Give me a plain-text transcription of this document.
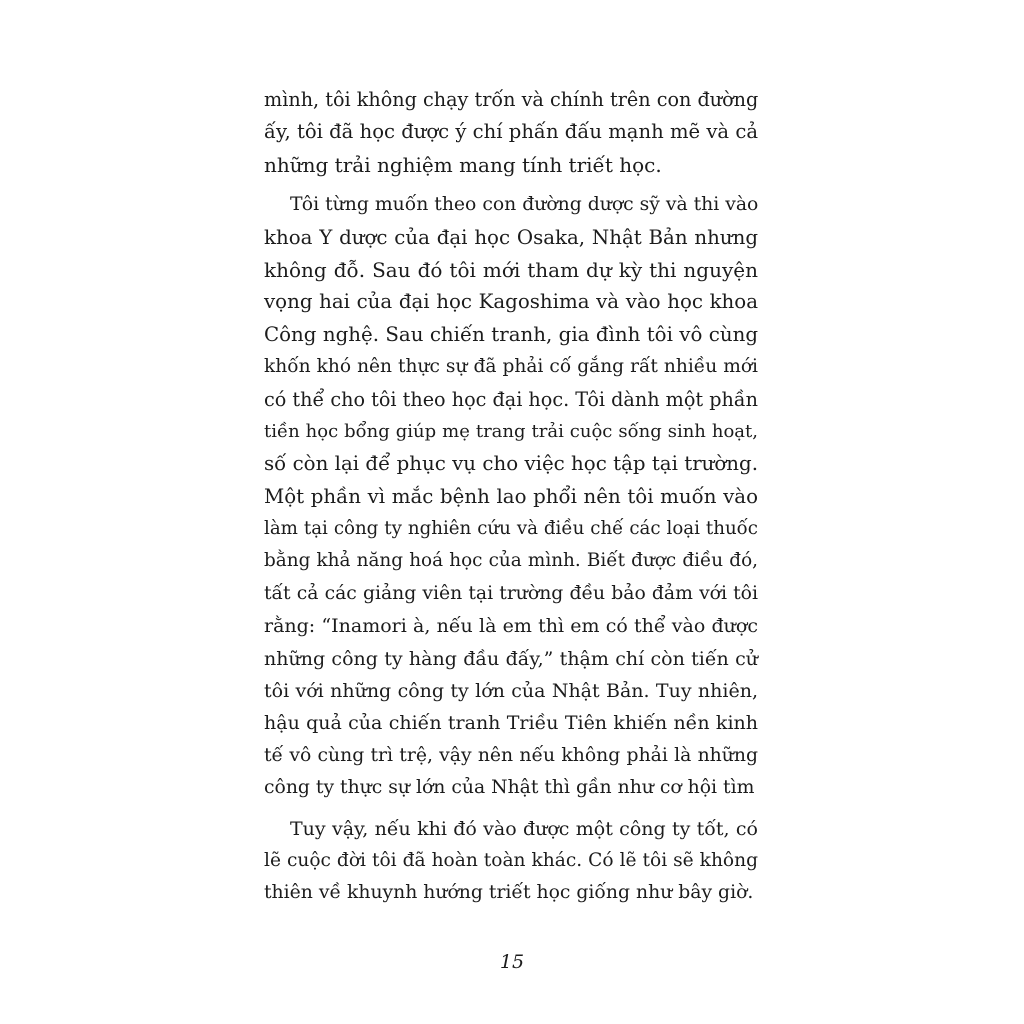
mình, tôi không chạy trốn và chính trên con đường
ấy, tôi đã học được ý chí phấn đấu mạnh mẽ và cả
những trải nghiệm mang tính triết học.
Tôi từng muốn theo con đường dược sỹ và thi vào
khoa Y dược của đại học Osaka, Nhật Bản nhưng
không đỗ. Sau đó tôi mới tham dự kỳ thi nguyện
vọng hai của đại học Kagoshima và vào học khoa
Công nghệ. Sau chiến tranh, gia đình tôi vô cùng
khốn khó nên thực sự đã phải cố gắng rất nhiều mới
có thể cho tôi theo học đại học. Tôi dành một phần
tiền học bổng giúp mẹ trang trải cuộc sống sinh hoạt,
số còn lại để phục vụ cho việc học tập tại trường.
Một phần vì mắc bệnh lao phổi nên tôi muốn vào
làm tại công ty nghiên cứu và điều chế các loại thuốc
bằng khả năng hoá học của mình. Biết được điều đó,
tất cả các giảng viên tại trường đều bảo đảm với tôi
rằng: “Inamori à, nếu là em thì em có thể vào được
những công ty hàng đầu đấy,” thậm chí còn tiến cử
tôi với những công ty lớn của Nhật Bản. Tuy nhiên,
hậu quả của chiến tranh Triều Tiên khiến nền kinh
tế vô cùng trì trệ, vậy nên nếu không phải là những
công ty thực sự lớn của Nhật thì gần như cơ hội tìm
Tuy vậy, nếu khi đó vào được một công ty tốt, có
lẽ cuộc đời tôi đã hoàn toàn khác. Có lẽ tôi sẽ không
thiên về khuynh hướng triết học giống như bây giờ.
15
